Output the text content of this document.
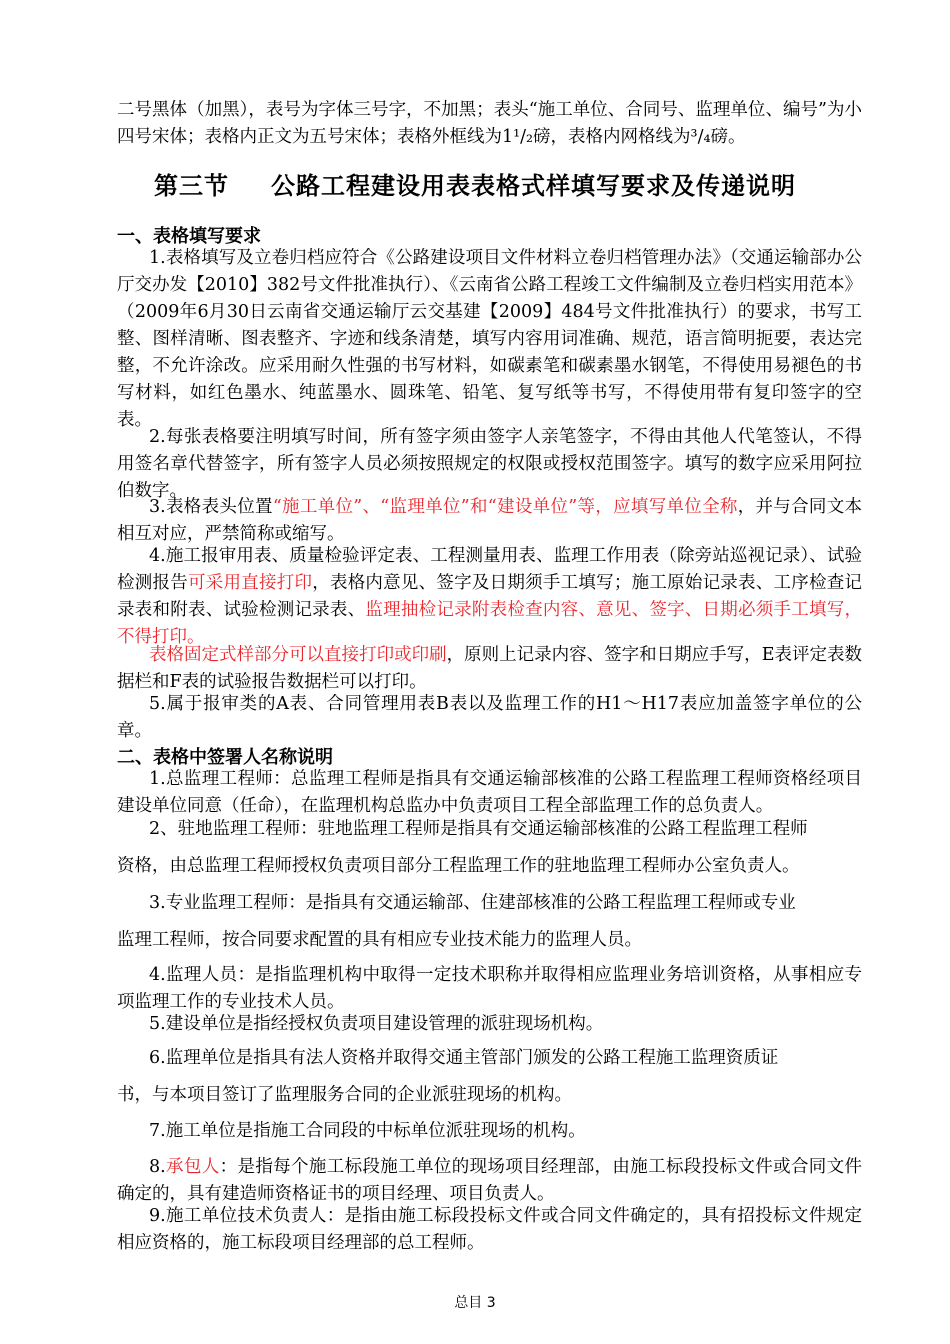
二号黑体（加黑），表号为字体三号字，不加黑；表头“施工单位、合同号、监理单位、编号”为小四号宋体；表格内正文为五号宋体；表格外框线为1¹/₂磅，表格内网格线为³/₄磅。

第三节 公路工程建设用表表格式样填写要求及传递说明
一、表格填写要求

1.表格填写及立卷归档应符合《公路建设项目文件材料立卷归档管理办法》（交通运输部办公厅交办发【2010】382号文件批准执行）、《云南省公路工程竣工文件编制及立卷归档实用范本》（2009年6月30日云南省交通运输厅云交基建【2009】484号文件批准执行）的要求，书写工整、图样清晰、图表整齐、字迹和线条清楚，填写内容用词准确、规范，语言简明扼要，表达完整，不允许涂改。应采用耐久性强的书写材料，如碳素笔和碳素墨水钢笔，不得使用易褪色的书写材料，如红色墨水、纯蓝墨水、圆珠笔、铅笔、复写纸等书写，不得使用带有复印签字的空表。

2.每张表格要注明填写时间，所有签字须由签字人亲笔签字，不得由其他人代笔签认，不得用签名章代替签字，所有签字人员必须按照规定的权限或授权范围签字。填写的数字应采用阿拉伯数字。

3.表格表头位置“施工单位”、“监理单位”和“建设单位”等，应填写单位全称，并与合同文本相互对应，严禁简称或缩写。

4.施工报审用表、质量检验评定表、工程测量用表、监理工作用表（除旁站巡视记录）、试验检测报告可采用直接打印，表格内意见、签字及日期须手工填写；施工原始记录表、工序检查记录表和附表、试验检测记录表、监理抽检记录附表检查内容、意见、签字、日期必须手工填写，不得打印。

表格固定式样部分可以直接打印或印刷，原则上记录内容、签字和日期应手写，E表评定表数据栏和F表的试验报告数据栏可以打印。

5.属于报审类的A表、合同管理用表B表以及监理工作的H1～H17表应加盖签字单位的公章。

二、表格中签署人名称说明

1.总监理工程师：总监理工程师是指具有交通运输部核准的公路工程监理工程师资格经项目建设单位同意（任命），在监理机构总监办中负责项目工程全部监理工作的总负责人。

2、驻地监理工程师：驻地监理工程师是指具有交通运输部核准的公路工程监理工程师

资格，由总监理工程师授权负责项目部分工程监理工作的驻地监理工程师办公室负责人。

3.专业监理工程师：是指具有交通运输部、住建部核准的公路工程监理工程师或专业

监理工程师，按合同要求配置的具有相应专业技术能力的监理人员。

4.监理人员：是指监理机构中取得一定技术职称并取得相应监理业务培训资格，从事相应专项监理工作的专业技术人员。

5.建设单位是指经授权负责项目建设管理的派驻现场机构。

6.监理单位是指具有法人资格并取得交通主管部门颁发的公路工程施工监理资质证

书，与本项目签订了监理服务合同的企业派驻现场的机构。

7.施工单位是指施工合同段的中标单位派驻现场的机构。

8.承包人：是指每个施工标段施工单位的现场项目经理部，由施工标段投标文件或合同文件确定的，具有建造师资格证书的项目经理、项目负责人。

9.施工单位技术负责人：是指由施工标段投标文件或合同文件确定的，具有招投标文件规定相应资格的，施工标段项目经理部的总工程师。

总目 3
